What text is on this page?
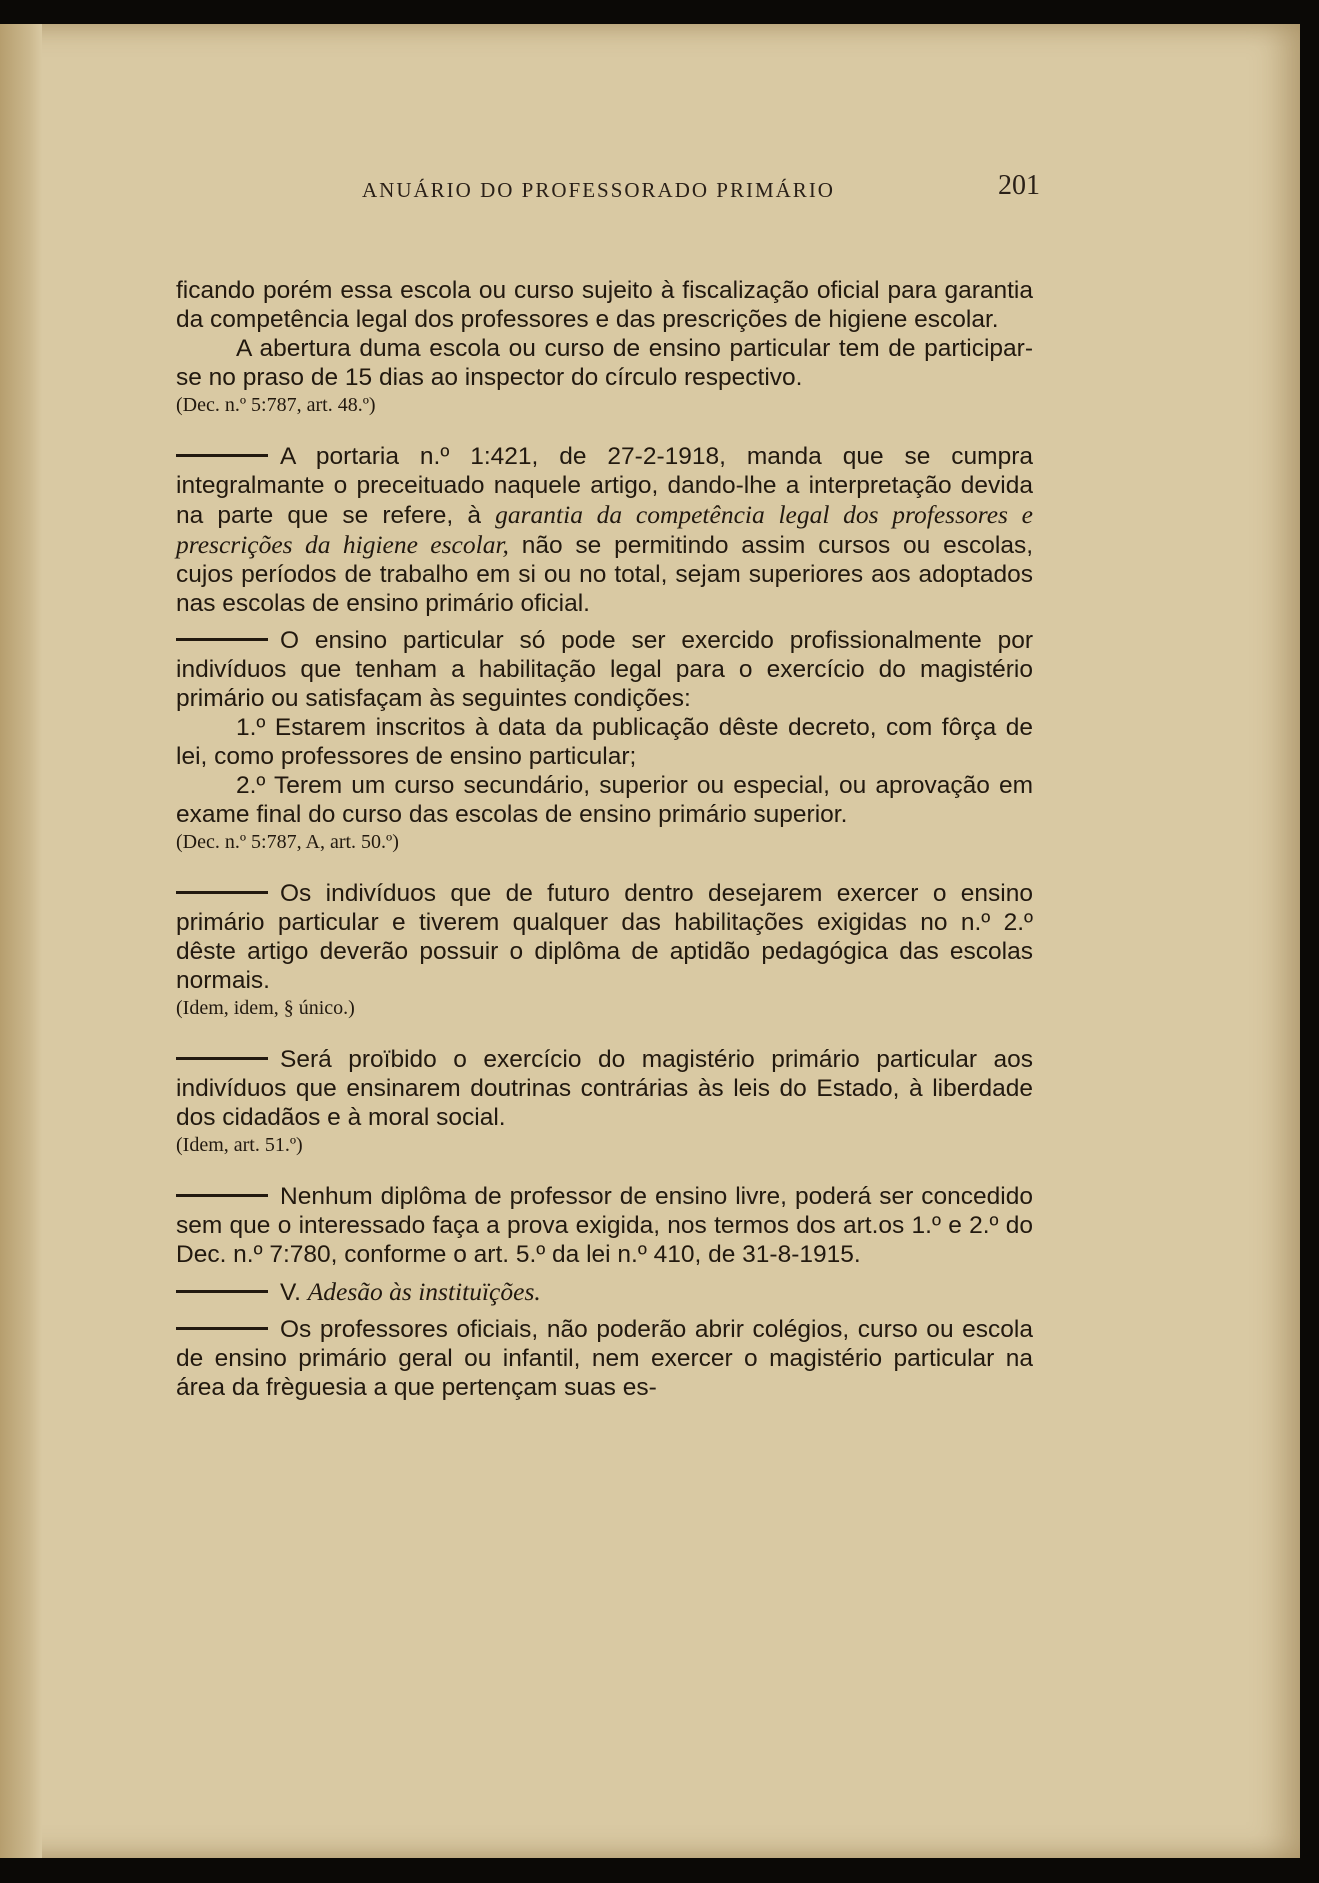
ANUÁRIO DO PROFESSORADO PRIMÁRIO	201

ficando porém essa escola ou curso sujeito à fiscalização oficial para garantia da competência legal dos professores e das prescrições de higiene escolar.

A abertura duma escola ou curso de ensino particular tem de participar-se no praso de 15 dias ao inspector do círculo respectivo.

(Dec. n.º 5:787, art. 48.º)

A portaria n.º 1:421, de 27-2-1918, manda que se cumpra integralmante o preceituado naquele artigo, dando-lhe a interpretação devida na parte que se refere, à garantia da competência legal dos professores e prescrições da higiene escolar, não se permitindo assim cursos ou escolas, cujos períodos de trabalho em si ou no total, sejam superiores aos adoptados nas escolas de ensino primário oficial.

O ensino particular só pode ser exercido profissionalmente por indivíduos que tenham a habilitação legal para o exercício do magistério primário ou satisfaçam às seguintes condições:

1.º Estarem inscritos à data da publicação dêste decreto, com fôrça de lei, como professores de ensino particular;

2.º Terem um curso secundário, superior ou especial, ou aprovação em exame final do curso das escolas de ensino primário superior.

(Dec. n.º 5:787, A, art. 50.º)

Os indivíduos que de futuro dentro desejarem exercer o ensino primário particular e tiverem qualquer das habilitações exigidas no n.º 2.º dêste artigo deverão possuir o diplôma de aptidão pedagógica das escolas normais.

(Idem, idem, § único.)

Será proïbido o exercício do magistério primário particular aos indivíduos que ensinarem doutrinas contrárias às leis do Estado, à liberdade dos cidadãos e à moral social.

(Idem, art. 51.º)

Nenhum diplôma de professor de ensino livre, poderá ser concedido sem que o interessado faça a prova exigida, nos termos dos art.os 1.º e 2.º do Dec. n.º 7:780, conforme o art. 5.º da lei n.º 410, de 31-8-1915.

V. Adesão às instituïções.

Os professores oficiais, não poderão abrir colégios, curso ou escola de ensino primário geral ou infantil, nem exercer o magistério particular na área da frèguesia a que pertençam suas es-
